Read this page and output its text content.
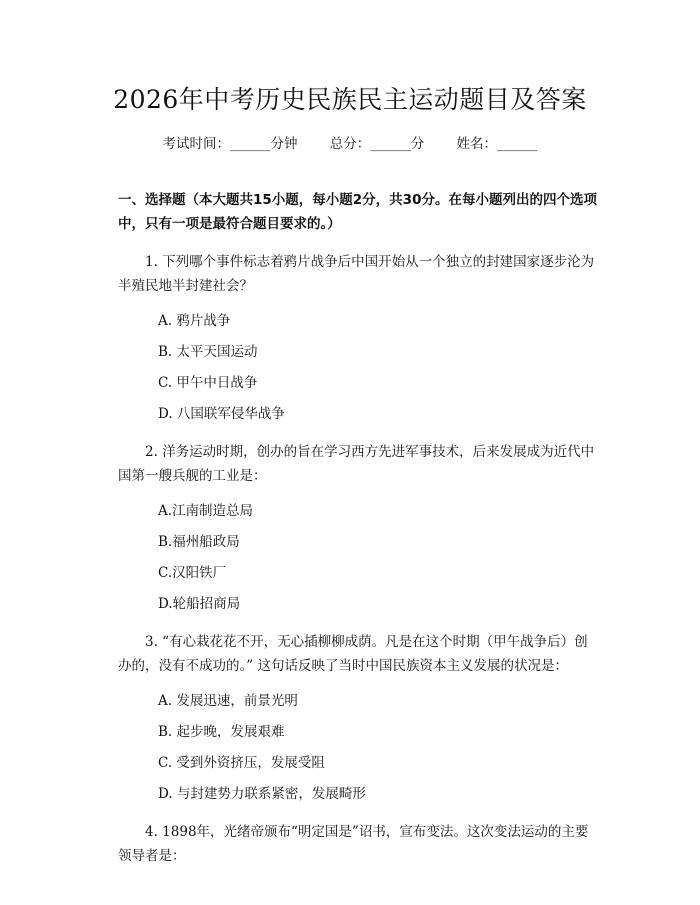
2026年中考历史民族民主运动题目及答案
考试时间：______分钟 总分：______分 姓名：______

一、选择题（本大题共15小题，每小题2分，共30分。在每小题列出的四个选项中，只有一项是最符合题目要求的。）

1. 下列哪个事件标志着鸦片战争后中国开始从一个独立的封建国家逐步沦为半殖民地半封建社会？

A. 鸦片战争
B. 太平天国运动
C. 甲午中日战争
D. 八国联军侵华战争

2. 洋务运动时期，创办的旨在学习西方先进军事技术，后来发展成为近代中国第一艘兵舰的工业是：

A.江南制造总局
B.福州船政局
C.汉阳铁厂
D.轮船招商局

3. “有心栽花花不开，无心插柳柳成荫。凡是在这个时期（甲午战争后）创办的，没有不成功的。” 这句话反映了当时中国民族资本主义发展的状况是：

A. 发展迅速，前景光明
B. 起步晚，发展艰难
C. 受到外资挤压，发展受阻
D. 与封建势力联系紧密，发展畸形

4. 1898年，光绪帝颁布“明定国是”诏书，宣布变法。这次变法运动的主要领导者是：
